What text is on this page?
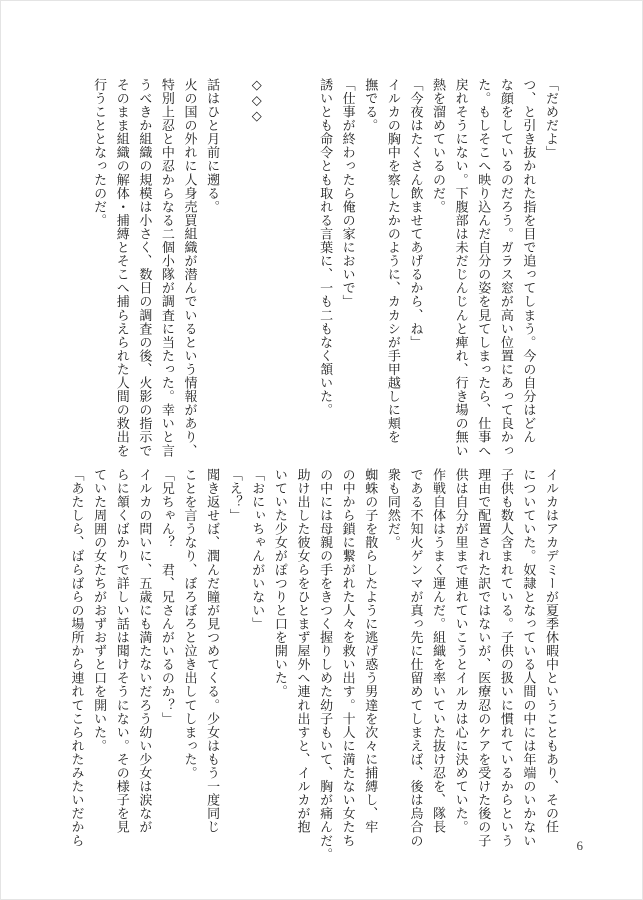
「だめだよ」

つ、と引き抜かれた指を目で追ってしまう。今の自分はどん

な顔をしているのだろう。ガラス窓が高い位置にあって良かっ

た。もしそこへ映り込んだ自分の姿を見てしまったら、仕事へ

戻れそうにない。下腹部は未だじんじんと痺れ、行き場の無い

熱を溜めているのだ。

「今夜はたくさん飲ませてあげるから、ね」

イルカの胸中を察したかのように、カカシが手甲越しに頬を

撫でる。

「仕事が終わったら俺の家においで」

誘いとも命令とも取れる言葉に、一も二もなく頷いた。

◇◇◇

話はひと月前に遡る。

火の国の外れに人身売買組織が潜んでいるという情報があり、

特別上忍と中忍からなる二個小隊が調査に当たった。幸いと言

うべきか組織の規模は小さく、数日の調査の後、火影の指示で

そのまま組織の解体・捕縛とそこへ捕らえられた人間の救出を

行うこととなったのだ。

イルカはアカデミーが夏季休暇中ということもあり、その任

についていた。奴隷となっている人間の中には年端のいかない

子供も数人含まれている。子供の扱いに慣れているからという

理由で配置された訳ではないが、医療忍のケアを受けた後の子

供は自分が里まで連れていこうとイルカは心に決めていた。

作戦自体はうまく運んだ。組織を率いていた抜け忍を、隊長

である不知火ゲンマが真っ先に仕留めてしまえば、後は烏合の

衆も同然だ。

蜘蛛の子を散らしたように逃げ惑う男達を次々に捕縛し、牢

の中から鎖に繋がれた人々を救い出す。十人に満たない女たち

の中には母親の手をきつく握りしめた幼子もいて、胸が痛んだ。

助け出した彼女らをひとまず屋外へ連れ出すと、イルカが抱

いていた少女がぽつりと口を開いた。

「おにぃちゃんがいない」

「え？」

聞き返せば、潤んだ瞳が見つめてくる。少女はもう一度同じ

ことを言うなり、ぼろぼろと泣き出してしまった。

「兄ちゃん？　君、兄さんがいるのか？」

イルカの問いに、五歳にも満たないだろう幼い少女は涙なが

らに頷くばかりで詳しい話は聞けそうにない。その様子を見

ていた周囲の女たちがおずおずと口を開いた。

「あたしら、ばらばらの場所から連れてこられたみたいだから	6
